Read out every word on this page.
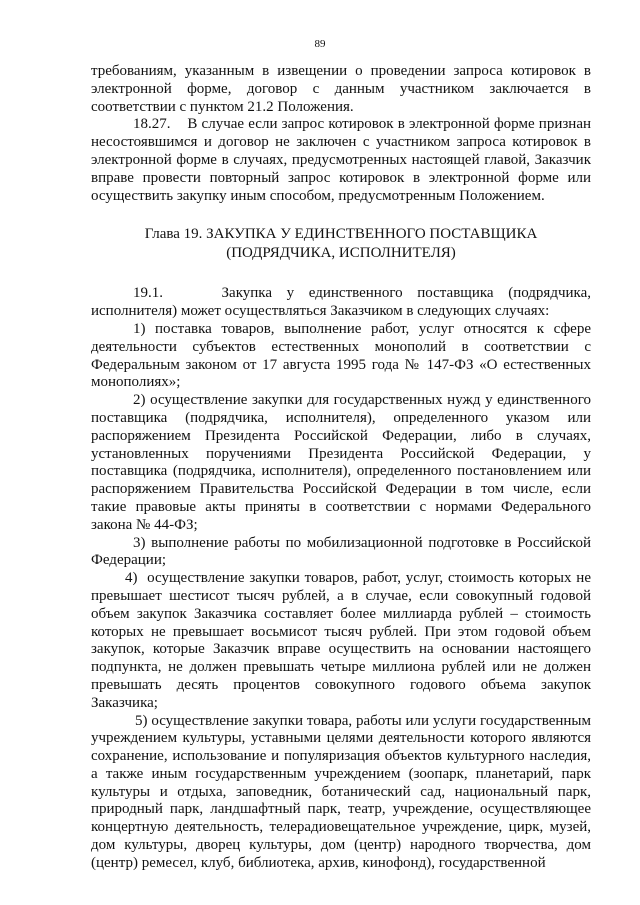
89

требованиям, указанным в извещении о проведении запроса котировок в электронной форме, договор с данным участником заключается в соответствии с пунктом 21.2 Положения.

18.27.    В случае если запрос котировок в электронной форме признан несостоявшимся и договор не заключен с участником запроса котировок в электронной форме в случаях, предусмотренных настоящей главой, Заказчик вправе провести повторный запрос котировок в электронной форме или осуществить закупку иным способом, предусмотренным Положением.

Глава 19. ЗАКУПКА У ЕДИНСТВЕННОГО ПОСТАВЩИКА
(ПОДРЯДЧИКА, ИСПОЛНИТЕЛЯ)

19.1.    Закупка у единственного поставщика (подрядчика, исполнителя) может осуществляться Заказчиком в следующих случаях:

1) поставка товаров, выполнение работ, услуг относятся к сфере деятельности субъектов естественных монополий в соответствии с Федеральным законом от 17 августа 1995 года № 147-ФЗ «О естественных монополиях»;

2) осуществление закупки для государственных нужд у единственного поставщика (подрядчика, исполнителя), определенного указом или распоряжением Президента Российской Федерации, либо в случаях, установленных поручениями Президента Российской Федерации, у поставщика (подрядчика, исполнителя), определенного постановлением или распоряжением Правительства Российской Федерации в том числе, если такие правовые акты приняты в соответствии с нормами Федерального закона № 44-ФЗ;

3) выполнение работы по мобилизационной подготовке в Российской Федерации;

4)  осуществление закупки товаров, работ, услуг, стоимость которых не превышает шестисот тысяч рублей, а в случае, если совокупный годовой объем закупок Заказчика составляет более миллиарда рублей – стоимость которых не превышает восьмисот тысяч рублей. При этом годовой объем закупок, которые Заказчик вправе осуществить на основании настоящего подпункта, не должен превышать четыре миллиона рублей или не должен превышать десять процентов совокупного годового объема закупок Заказчика;

5) осуществление закупки товара, работы или услуги государственным учреждением культуры, уставными целями деятельности которого являются сохранение, использование и популяризация объектов культурного наследия, а также иным государственным учреждением (зоопарк, планетарий, парк культуры и отдыха, заповедник, ботанический сад, национальный парк, природный парк, ландшафтный парк, театр, учреждение, осуществляющее концертную деятельность, телерадиовещательное учреждение, цирк, музей, дом культуры, дворец культуры, дом (центр) народного творчества, дом (центр) ремесел, клуб, библиотека, архив, кинофонд), государственной
